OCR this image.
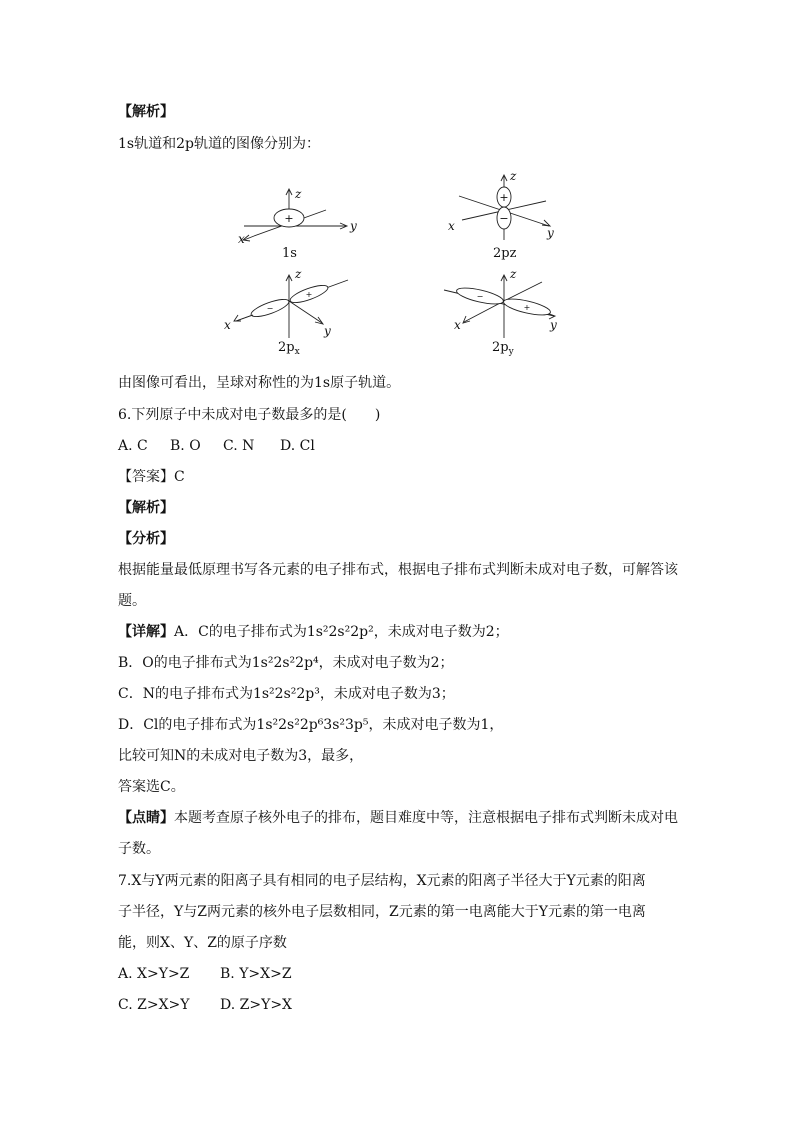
【解析】
1s轨道和2p轨道的图像分别为：
z
y
x
z
y
x
z
y
x
z
y
x
+
+
−
−
+	−
+
1s	2pz
$2p_x$	$2p_y$
由图像可看出，呈球对称性的为1s原子轨道。
6.下列原子中未成对电子数最多的是(　　)
A. C B. O C. N D. Cl
【答案】C
【解析】
【分析】
根据能量最低原理书写各元素的电子排布式，根据电子排布式判断未成对电子数，可解答该
题。
【详解】A．C的电子排布式为1s²2s²2p²，未成对电子数为2；
B．O的电子排布式为1s²2s²2p⁴，未成对电子数为2；
C．N的电子排布式为1s²2s²2p³，未成对电子数为3；
D．Cl的电子排布式为1s²2s²2p⁶3s²3p⁵，未成对电子数为1，
比较可知N的未成对电子数为3，最多，
答案选C。
【点睛】本题考查原子核外电子的排布，题目难度中等，注意根据电子排布式判断未成对电
子数。
7.X与Y两元素的阳离子具有相同的电子层结构，X元素的阳离子半径大于Y元素的阳离
子半径，Y与Z两元素的核外电子层数相同，Z元素的第一电离能大于Y元素的第一电离
能，则X、Y、Z的原子序数
A. X>Y>Z B. Y>X>Z
C. Z>X>Y D. Z>Y>X
